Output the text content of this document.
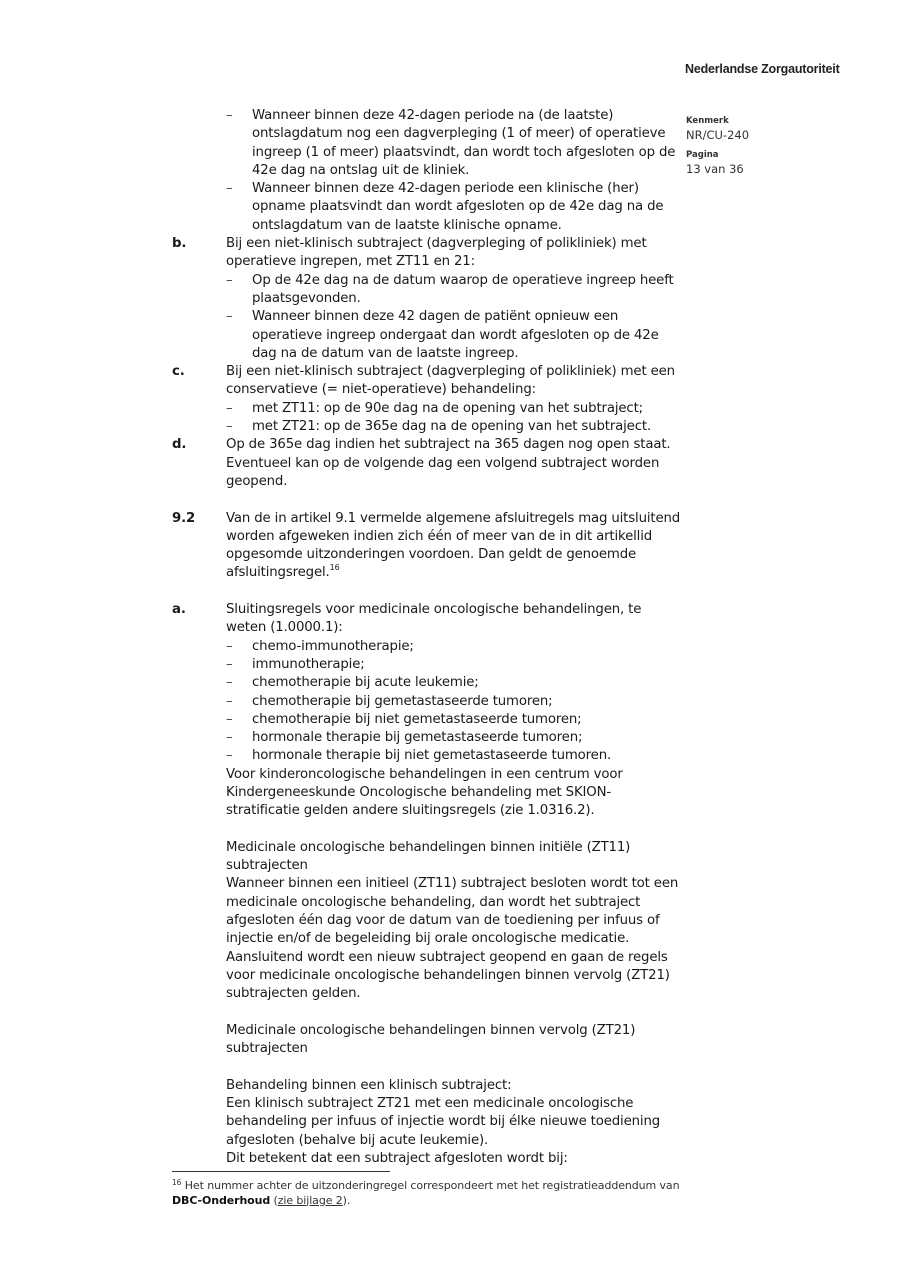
Nederlandse Zorgautoriteit
Kenmerk
NR/CU-240
Pagina
13 van 36
– Wanneer binnen deze 42-dagen periode na (de laatste) ontslagdatum nog een dagverpleging (1 of meer) of operatieve ingreep (1 of meer) plaatsvindt, dan wordt toch afgesloten op de 42e dag na ontslag uit de kliniek.
– Wanneer binnen deze 42-dagen periode een klinische (her) opname plaatsvindt dan wordt afgesloten op de 42e dag na de ontslagdatum van de laatste klinische opname.
b.	Bij een niet-klinisch subtraject (dagverpleging of polikliniek) met operatieve ingrepen, met ZT11 en 21:
– Op de 42e dag na de datum waarop de operatieve ingreep heeft plaatsgevonden.
– Wanneer binnen deze 42 dagen de patiënt opnieuw een operatieve ingreep ondergaat dan wordt afgesloten op de 42e dag na de datum van de laatste ingreep.
c.	Bij een niet-klinisch subtraject (dagverpleging of polikliniek) met een conservatieve (= niet-operatieve) behandeling:
– met ZT11: op de 90e dag na de opening van het subtraject;
– met ZT21: op de 365e dag na de opening van het subtraject.
d.	Op de 365e dag indien het subtraject na 365 dagen nog open staat. Eventueel kan op de volgende dag een volgend subtraject worden geopend.
9.2 Van de in artikel 9.1 vermelde algemene afsluitregels mag uitsluitend worden afgeweken indien zich één of meer van de in dit artikellid opgesomde uitzonderingen voordoen. Dan geldt de genoemde afsluitingsregel.$^{16}$
a.	Sluitingsregels voor medicinale oncologische behandelingen, te weten (1.0000.1):
– chemo-immunotherapie;
– immunotherapie;
– chemotherapie bij acute leukemie;
– chemotherapie bij gemetastaseerde tumoren;
– chemotherapie bij niet gemetastaseerde tumoren;
– hormonale therapie bij gemetastaseerde tumoren;
– hormonale therapie bij niet gemetastaseerde tumoren.
Voor kinderoncologische behandelingen in een centrum voor Kindergeneeskunde Oncologische behandeling met SKION-stratificatie gelden andere sluitingsregels (zie 1.0316.2).
Medicinale oncologische behandelingen binnen initiële (ZT11) subtrajecten
Wanneer binnen een initieel (ZT11) subtraject besloten wordt tot een medicinale oncologische behandeling, dan wordt het subtraject afgesloten één dag voor de datum van de toediening per infuus of injectie en/of de begeleiding bij orale oncologische medicatie. Aansluitend wordt een nieuw subtraject geopend en gaan de regels voor medicinale oncologische behandelingen binnen vervolg (ZT21) subtrajecten gelden.
Medicinale oncologische behandelingen binnen vervolg (ZT21) subtrajecten
Behandeling binnen een klinisch subtraject:
Een klinisch subtraject ZT21 met een medicinale oncologische behandeling per infuus of injectie wordt bij élke nieuwe toediening afgesloten (behalve bij acute leukemie).
Dit betekent dat een subtraject afgesloten wordt bij:
$^{16}$ Het nummer achter de uitzonderingregel correspondeert met het registratieaddendum van DBC-Onderhoud (zie bijlage 2).
